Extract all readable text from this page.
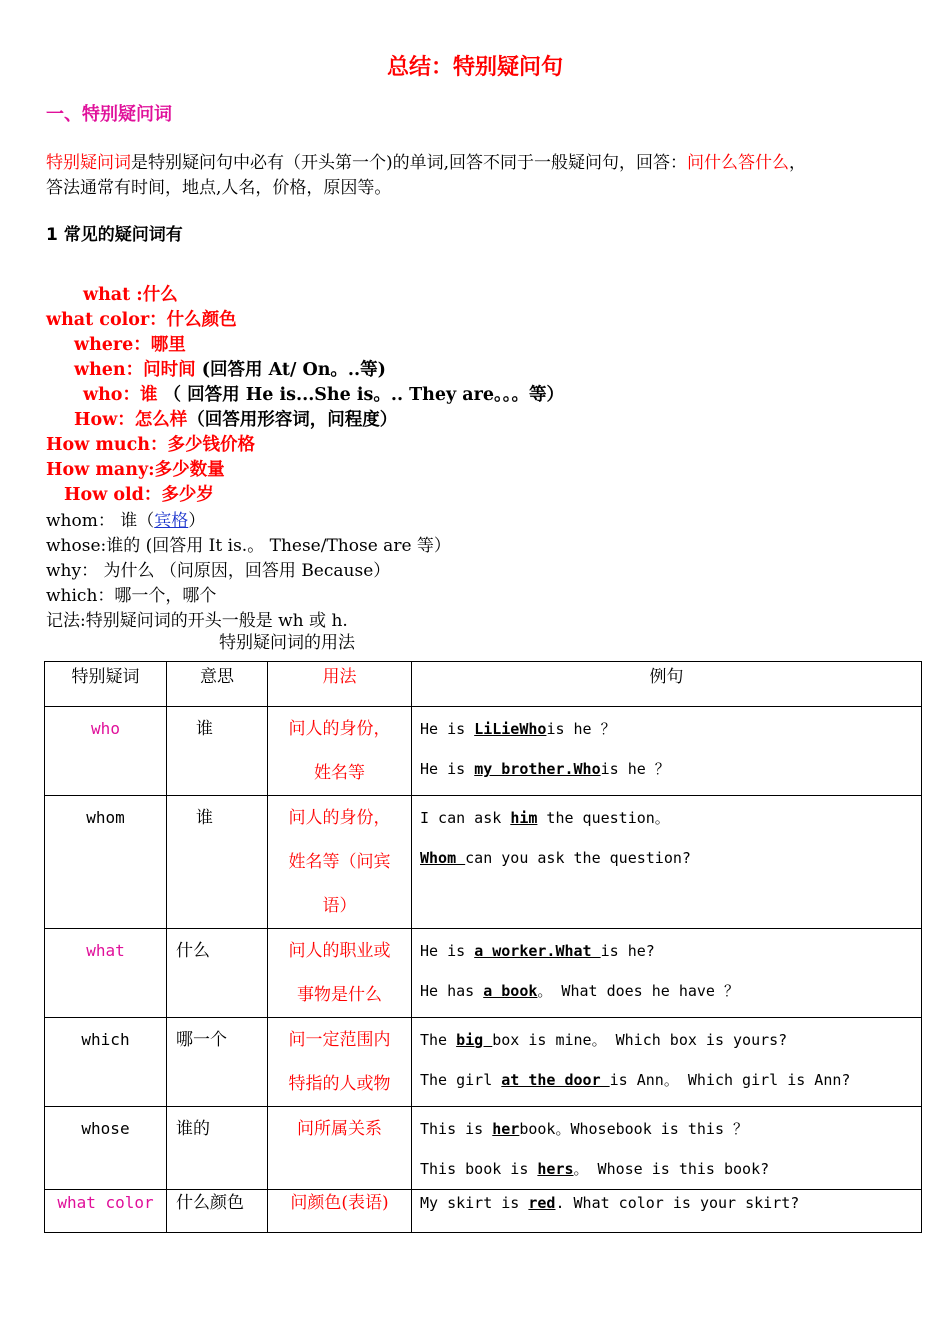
总结：特别疑问句
一、特别疑问词
特别疑问词是特别疑问句中必有（开头第一个)的单词,回答不同于一般疑问句，回答：问什么答什么，
答法通常有时间，地点,人名，价格，原因等。
1 常见的疑问词有
what :什么
what color：什么颜色
where：哪里
when：问时间 (回答用 At/ On。..等)
who：谁 （ 回答用 He is...She is。.. They are。。。等）
How：怎么样（回答用形容词，问程度）
How much：多少钱价格
How many:多少数量
How old：多少岁
whom： 谁（宾格）
whose:谁的 (回答用 It is.。 These/Those are 等）
why： 为什么 （问原因，回答用 Because）
which：哪一个，哪个
记法:特别疑问词的开头一般是 wh 或 h.
特别疑问词的用法
特别疑词	意思	用法	例句

who	谁	问人的身份，
姓名等	He is LiLieWhois he ？
He is my brother.Whois he ？

whom	谁	问人的身份，
姓名等（问宾
语）	I can ask him the question。
Whom can you ask the question?

what	什么	问人的职业或
事物是什么	He is a worker.What is he?
He has a book。 What does he have ？

which	哪一个	问一定范围内
特指的人或物	The big box is mine。 Which box is yours?
The girl at the door is Ann。 Which girl is Ann?

whose	谁的	问所属关系	This is herbook。Whosebook is this ？
This book is hers。 Whose is this book?

what color	什么颜色	问颜色(表语)	My skirt is red. What color is your skirt?
